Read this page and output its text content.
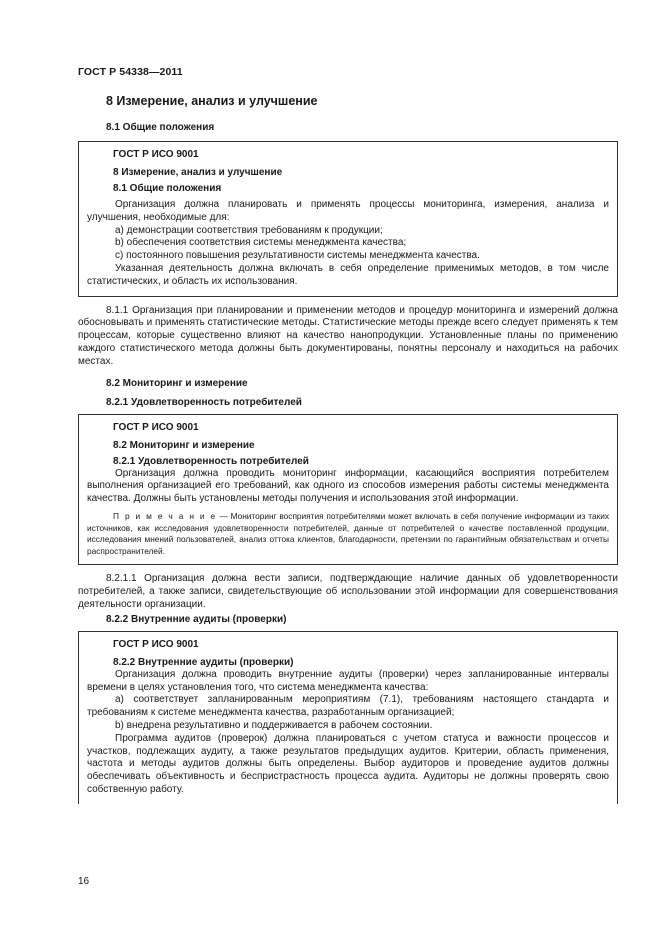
ГОСТ Р 54338—2011
8 Измерение, анализ и улучшение
8.1 Общие положения
ГОСТ Р ИСО 9001
8 Измерение, анализ и улучшение
8.1 Общие положения

Организация должна планировать и применять процессы мониторинга, измерения, анализа и улучшения, необходимые для:

а) демонстрации соответствия требованиям к продукции;

b) обеспечения соответствия системы менеджмента качества;

c) постоянного повышения результативности системы менеджмента качества.

Указанная деятельность должна включать в себя определение применимых методов, в том числе статистических, и область их использования.

8.1.1 Организация при планировании и применении методов и процедур мониторинга и измерений должна обосновывать и применять статистические методы. Статистические методы прежде всего следует применять к тем процессам, которые существенно влияют на качество нанопродукции. Установленные планы по применению каждого статистического метода должны быть документированы, понятны персоналу и находиться на рабочих местах.

8.2 Мониторинг и измерение
8.2.1 Удовлетворенность потребителей
ГОСТ Р ИСО 9001
8.2 Мониторинг и измерение
8.2.1 Удовлетворенность потребителей

Организация должна проводить мониторинг информации, касающийся восприятия потребителем выполнения организацией его требований, как одного из способов измерения работы системы менеджмента качества. Должны быть установлены методы получения и использования этой информации.

П р и м е ч а н и е — Мониторинг восприятия потребителями может включать в себя получение информации из таких источников, как исследования удовлетворенности потребителей, данные от потребителей о качестве поставленной продукции, исследования мнений пользователей, анализ оттока клиентов, благодарности, претензии по гарантийным обязательствам и отчеты распространителей.

8.2.1.1 Организация должна вести записи, подтверждающие наличие данных об удовлетворенности потребителей, а также записи, свидетельствующие об использовании этой информации для совершенствования деятельности организации.

8.2.2 Внутренние аудиты (проверки)
ГОСТ Р ИСО 9001
8.2.2 Внутренние аудиты (проверки)

Организация должна проводить внутренние аудиты (проверки) через запланированные интервалы времени в целях установления того, что система менеджмента качества:

а) соответствует запланированным мероприятиям (7.1), требованиям настоящего стандарта и требованиям к системе менеджмента качества, разработанным организацией;

b) внедрена результативно и поддерживается в рабочем состоянии.

Программа аудитов (проверок) должна планироваться с учетом статуса и важности процессов и участков, подлежащих аудиту, а также результатов предыдущих аудитов. Критерии, область применения, частота и методы аудитов должны быть определены. Выбор аудиторов и проведение аудитов должны обеспечивать объективность и беспристрастность процесса аудита. Аудиторы не должны проверять свою собственную работу.

16
